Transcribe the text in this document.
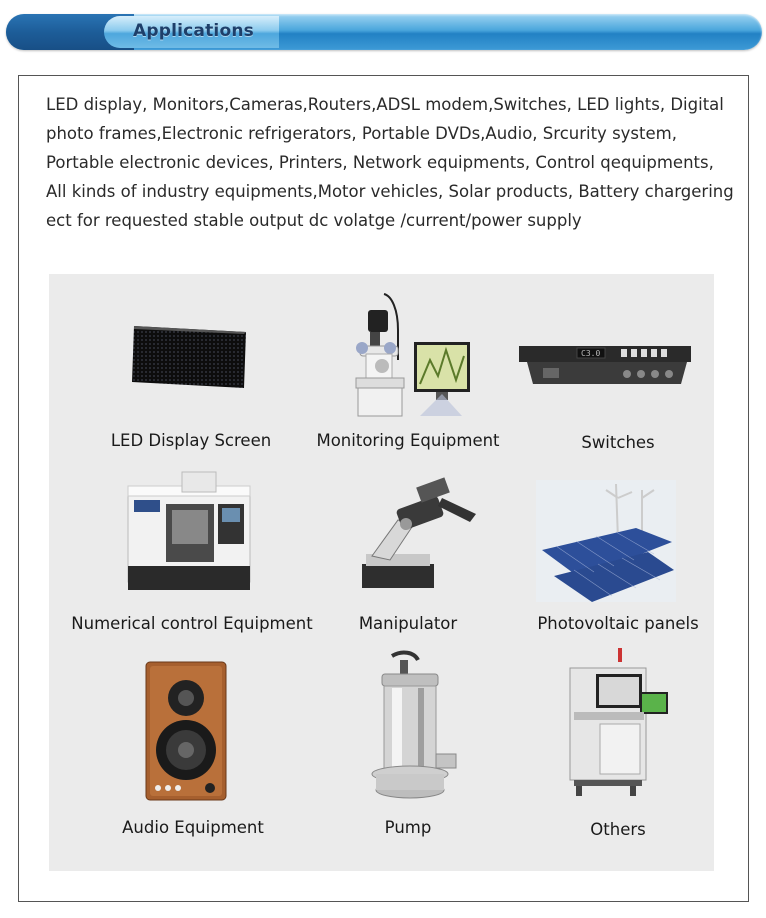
Applications
LED display, Monitors,Cameras,Routers,ADSL modem,Switches, LED lights, Digital photo frames,Electronic refrigerators, Portable DVDs,Audio, Srcurity system, Portable electronic devices, Printers, Network equipments, Control qequipments, All kinds of industry equipments,Motor vehicles, Solar products, Battery chargering ect for requested stable output dc volatge /current/power supply
C3.0
LED Display Screen	Monitoring Equipment	Switches
Numerical control Equipment	Manipulator	Photovoltaic panels
Audio Equipment	Pump	Others
